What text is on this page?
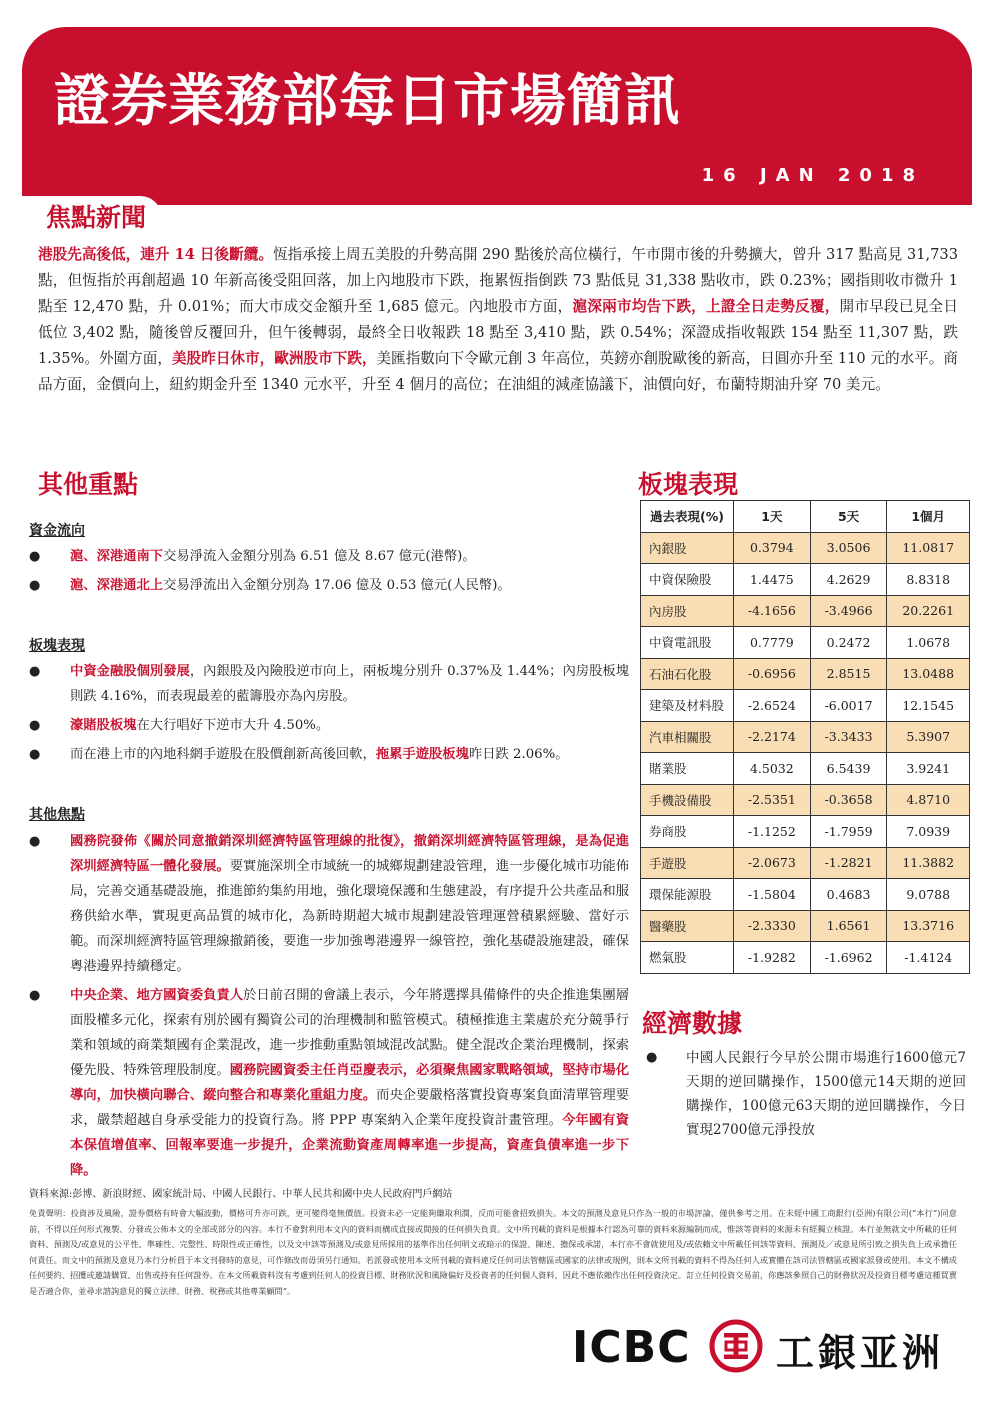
證券業務部每日市場簡訊
16 JAN 2018
焦點新聞
港股先高後低，連升 14 日後斷纜。恆指承接上周五美股的升勢高開 290 點後於高位橫行，午市開市後的升勢擴大，曾升 317 點高見 31,733 點，但恆指於再創超過 10 年新高後受阻回落，加上內地股市下跌，拖累恆指倒跌 73 點低見 31,338 點收市，跌 0.23%；國指則收市微升 1 點至 12,470 點，升 0.01%；而大市成交金額升至 1,685 億元。內地股市方面，滬深兩市均告下跌，上證全日走勢反覆，開市早段已見全日低位 3,402 點，隨後曾反覆回升，但午後轉弱，最終全日收報跌 18 點至 3,410 點，跌 0.54%；深證成指收報跌 154 點至 11,307 點，跌 1.35%。外圍方面，美股昨日休市，歐洲股市下跌，美匯指數向下令歐元創 3 年高位，英鎊亦創脫歐後的新高，日圓亦升至 110 元的水平。商品方面，金價向上，紐約期金升至 1340 元水平，升至 4 個月的高位；在油組的減產協議下，油價向好，布蘭特期油升穿 70 美元。
其他重點
資金流向
● 滬、深港通南下交易淨流入金額分別為 6.51 億及 8.67 億元(港幣)。
● 滬、深港通北上交易淨流出入金額分別為 17.06 億及 0.53 億元(人民幣)。
板塊表現
● 中資金融股個別發展，內銀股及內險股逆市向上，兩板塊分別升 0.37%及 1.44%；內房股板塊則跌 4.16%，而表現最差的藍籌股亦為內房股。
● 濠賭股板塊在大行唱好下逆市大升 4.50%。
● 而在港上市的內地科網手遊股在股價創新高後回軟，拖累手遊股板塊昨日跌 2.06%。
其他焦點
● 國務院發佈《關於同意撤銷深圳經濟特區管理線的批復》，撤銷深圳經濟特區管理線，是為促進深圳經濟特區一體化發展。要實施深圳全市域統一的城鄉規劃建設管理，進一步優化城市功能佈局，完善交通基礎設施，推進節約集約用地，強化環境保護和生態建設，有序提升公共產品和服務供給水準，實現更高品質的城市化，為新時期超大城市規劃建設管理運營積累經驗、當好示範。而深圳經濟特區管理線撤銷後，要進一步加強粵港邊界一線管控，強化基礎設施建設，確保粵港邊界持續穩定。
● 中央企業、地方國資委負責人於日前召開的會議上表示，今年將選擇具備條件的央企推進集團層面股權多元化，探索有別於國有獨資公司的治理機制和監管模式。積極推進主業處於充分競爭行業和領域的商業類國有企業混改，進一步推動重點領域混改試點。健全混改企業治理機制，探索優先股、特殊管理股制度。國務院國資委主任肖亞慶表示，必須聚焦國家戰略領域，堅持市場化導向，加快橫向聯合、縱向整合和專業化重組力度。而央企要嚴格落實投資專案負面清單管理要求，嚴禁超越自身承受能力的投資行為。將 PPP 專案納入企業年度投資計畫管理。今年國有資本保值增值率、回報率要進一步提升，企業流動資產周轉率進一步提高，資產負債率進一步下降。
板塊表現
過去表現(%)	1天	5天	1個月
內銀股	0.3794	3.0506	11.0817
中資保險股	1.4475	4.2629	8.8318
內房股	-4.1656	-3.4966	20.2261
中資電訊股	0.7779	0.2472	1.0678
石油石化股	-0.6956	2.8515	13.0488
建築及材料股	-2.6524	-6.0017	12.1545
汽車相關股	-2.2174	-3.3433	5.3907
賭業股	4.5032	6.5439	3.9241
手機設備股	-2.5351	-0.3658	4.8710
券商股	-1.1252	-1.7959	7.0939
手遊股	-2.0673	-1.2821	11.3882
環保能源股	-1.5804	0.4683	9.0788
醫藥股	-2.3330	1.6561	13.3716
燃氣股	-1.9282	-1.6962	-1.4124
經濟數據
● 中國人民銀行今早於公開市場進行1600億元7天期的逆回購操作，1500億元14天期的逆回購操作，100億元63天期的逆回購操作，今日實現2700億元淨投放
資料來源:彭博、新浪財經、國家統計局、中國人民銀行、中華人民共和國中央人民政府門戶網站
免責聲明：投資涉及風險，證券價格有時會大幅波動，價格可升亦可跌，更可變得毫無價值。投資未必一定能夠賺取利潤，反而可能會招致損失。本文的預測及意見只作為一般的市場評論，僅供參考之用。在未經中國工商銀行(亞洲)有限公司(“本行”)同意前，不得以任何形式複製、分發或公佈本文的全部或部分的內容。本行不會對利用本文內的資料而構成直接或間接的任何損失負責。文中所刊載的資料是根據本行認為可靠的資料來源編制而成，惟該等資料的來源未有經獨立核證。本行並無就文中所載的任何資料、預測及/或意見的公平性、準確性、完整性、時限性或正確性，以及文中該等預測及/或意見所採用的基準作出任何明文或暗示的保證、陳述、擔保或承諾，本行亦不會就使用及/或依賴文中所載任何該等資料、預測及／或意見所引致之損失負上或承擔任何責任。而文中的預測及意見乃本行分析員于本文刊發時的意見，可作修改而毋須另行通知。若派發或使用本文所刊載的資料違反任何司法管轄區或國家的法律或規例，則本文所刊載的資料不得為任何人或實體在該司法管轄區或國家派發或使用。本文不構成任何要約、招攬或邀請購買、出售或持有任何證券。在本文所載資料沒有考慮到任何人的投資目標、財務狀況和風險偏好及投資者的任何個人資料，因此不應依賴作出任何投資決定。訂立任何投資交易前，你應該參照自己的財務狀況及投資目標考慮這種買賣是否適合你，並尋求諮詢意見的獨立法律、財務、稅務或其他專業顧問”。
ICBC 工銀亚洲
